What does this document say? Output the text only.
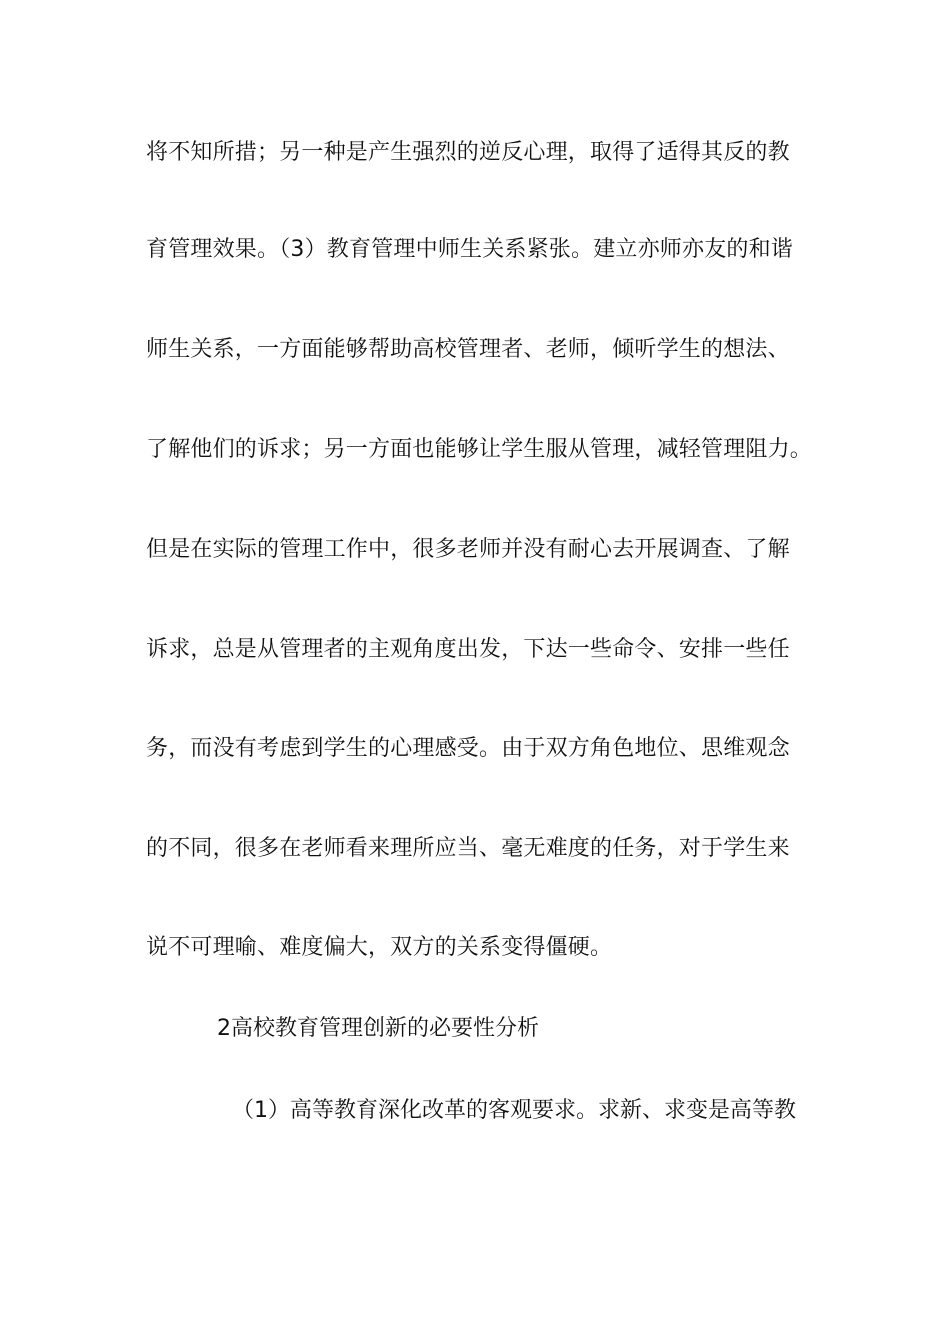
将不知所措；另一种是产生强烈的逆反心理，取得了适得其反的教
育管理效果。（3）教育管理中师生关系紧张。建立亦师亦友的和谐
师生关系，一方面能够帮助高校管理者、老师，倾听学生的想法、
了解他们的诉求；另一方面也能够让学生服从管理，减轻管理阻力。
但是在实际的管理工作中，很多老师并没有耐心去开展调查、了解
诉求，总是从管理者的主观角度出发，下达一些命令、安排一些任
务，而没有考虑到学生的心理感受。由于双方角色地位、思维观念
的不同，很多在老师看来理所应当、毫无难度的任务，对于学生来
说不可理喻、难度偏大，双方的关系变得僵硬。
2高校教育管理创新的必要性分析
（1）高等教育深化改革的客观要求。求新、求变是高等教
